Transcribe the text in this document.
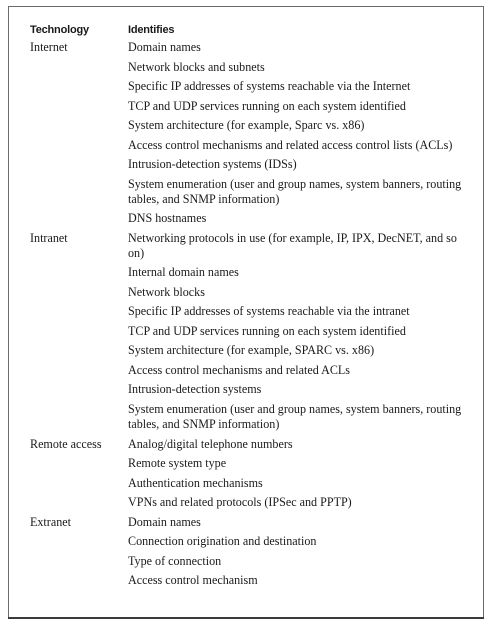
Technology	Identifies
Internet	Domain names
Network blocks and subnets
Specific IP addresses of systems reachable via the Internet
TCP and UDP services running on each system identified
System architecture (for example, Sparc vs. x86)
Access control mechanisms and related access control lists (ACLs)
Intrusion-detection systems (IDSs)
System enumeration (user and group names, system banners, routing tables, and SNMP information)
DNS hostnames
Intranet	Networking protocols in use (for example, IP, IPX, DecNET, and so on)
Internal domain names
Network blocks
Specific IP addresses of systems reachable via the intranet
TCP and UDP services running on each system identified
System architecture (for example, SPARC vs. x86)
Access control mechanisms and related ACLs
Intrusion-detection systems
System enumeration (user and group names, system banners, routing tables, and SNMP information)
Remote access	Analog/digital telephone numbers
Remote system type
Authentication mechanisms
VPNs and related protocols (IPSec and PPTP)
Extranet	Domain names
Connection origination and destination
Type of connection
Access control mechanism
